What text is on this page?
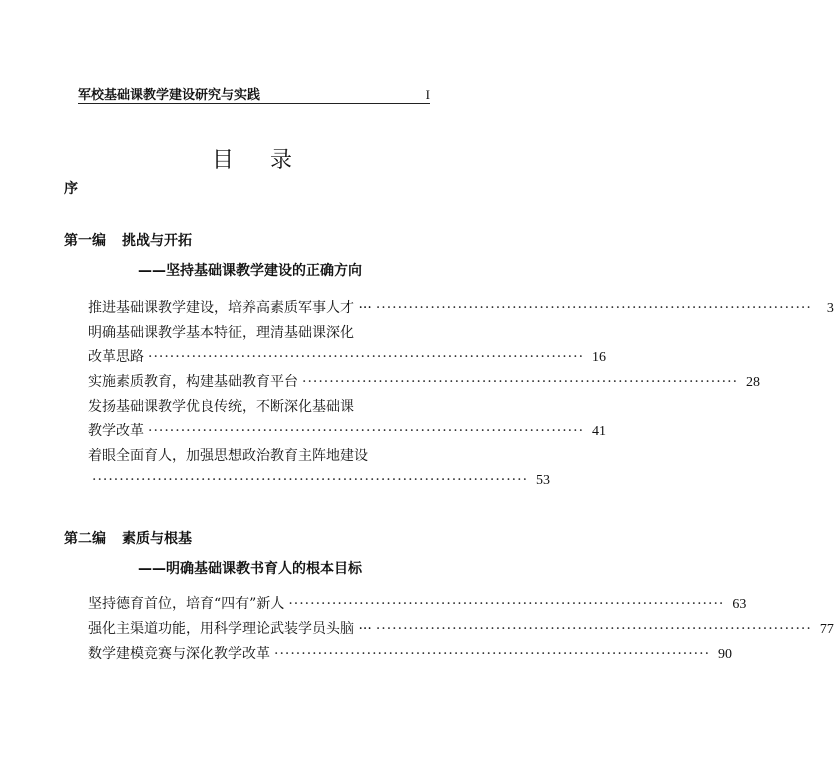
军校基础课教学建设研究与实践	I
目录
序
第一编 挑战与开拓
——坚持基础课教学建设的正确方向
推进基础课教学建设，培养高素质军事人才 ··· ················································································	3
明确基础课教学基本特征，理清基础课深化
改革思路 ················································································ 16
实施素质教育，构建基础教育平台 ················································································ 28
发扬基础课教学优良传统，不断深化基础课
教学改革 ················································································ 41
着眼全面育人，加强思想政治教育主阵地建设
················································································ 53
第二编 素质与根基
——明确基础课教书育人的根本目标
坚持德育首位，培育“四有”新人 ················································································ 63
强化主渠道功能，用科学理论武装学员头脑 ··· ················································································ 77
数学建模竞赛与深化教学改革 ················································································ 90
